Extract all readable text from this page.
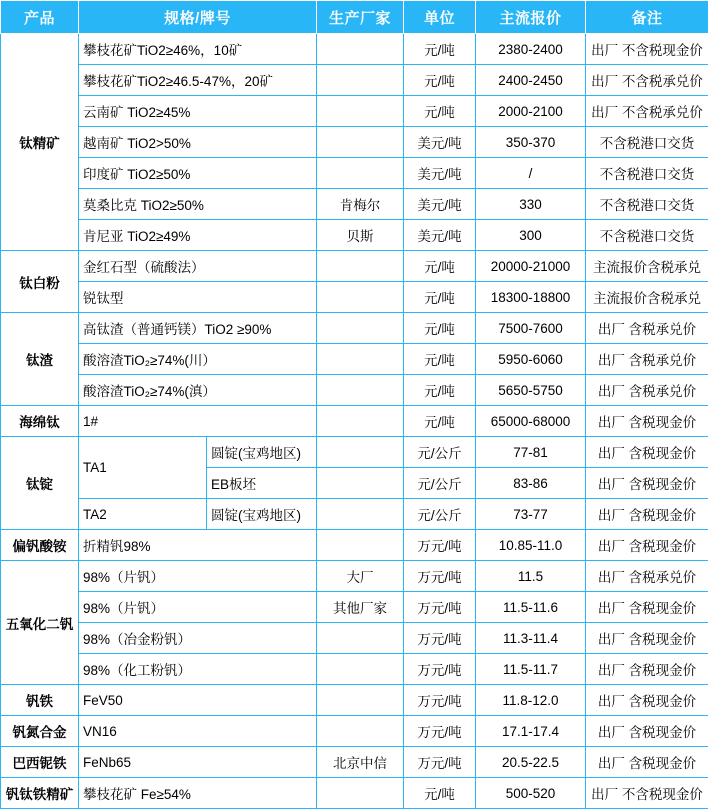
产品	规格/牌号		生产厂家	单位	主流报价	备注
钛精矿	攀枝花矿TiO2≥46%，10矿			元/吨	2380-2400	出厂 不含税现金价
	攀枝花矿TiO2≥46.5-47%，20矿			元/吨	2400-2450	出厂 不含税承兑价
	云南矿 TiO2≥45%			元/吨	2000-2100	出厂 不含税承兑价
	越南矿 TiO2>50%			美元/吨	350-370	不含税港口交货
	印度矿 TiO2≥50%			美元/吨	/	不含税港口交货
	莫桑比克 TiO2≥50%		肯梅尔	美元/吨	330	不含税港口交货
	肯尼亚 TiO2≥49%		贝斯	美元/吨	300	不含税港口交货
钛白粉	金红石型（硫酸法）			元/吨	20000-21000	主流报价含税承兑
	锐钛型			元/吨	18300-18800	主流报价含税承兑
钛渣	高钛渣（普通钙镁）TiO2 ≥90%			元/吨	7500-7600	出厂 含税承兑价
	酸溶渣TiO₂≥74%(川）			元/吨	5950-6060	出厂 含税承兑价
	酸溶渣TiO₂≥74%(滇）			元/吨	5650-5750	出厂 含税承兑价
海绵钛	1#			元/吨	65000-68000	出厂 含税现金价
钛锭	TA1	圆锭(宝鸡地区)		元/公斤	77-81	出厂 含税现金价
		EB板坯		元/公斤	83-86	出厂 含税现金价
	TA2	圆锭(宝鸡地区)		元/公斤	73-77	出厂 含税现金价
偏钒酸铵	折精钒98%			万元/吨	10.85-11.0	出厂 含税现金价
五氧化二钒	98%（片钒）		大厂	万元/吨	11.5	出厂 含税承兑价
	98%（片钒）		其他厂家	万元/吨	11.5-11.6	出厂 含税现金价
	98%（冶金粉钒）			万元/吨	11.3-11.4	出厂 含税现金价
	98%（化工粉钒）			万元/吨	11.5-11.7	出厂 含税现金价
钒铁	FeV50			万元/吨	11.8-12.0	出厂 含税现金价
钒氮合金	VN16			万元/吨	17.1-17.4	出厂 含税现金价
巴西铌铁	FeNb65		北京中信	万元/吨	20.5-22.5	出厂 含税现金价
钒钛铁精矿	攀枝花矿 Fe≥54%			元/吨	500-520	出厂 不含税现金价
